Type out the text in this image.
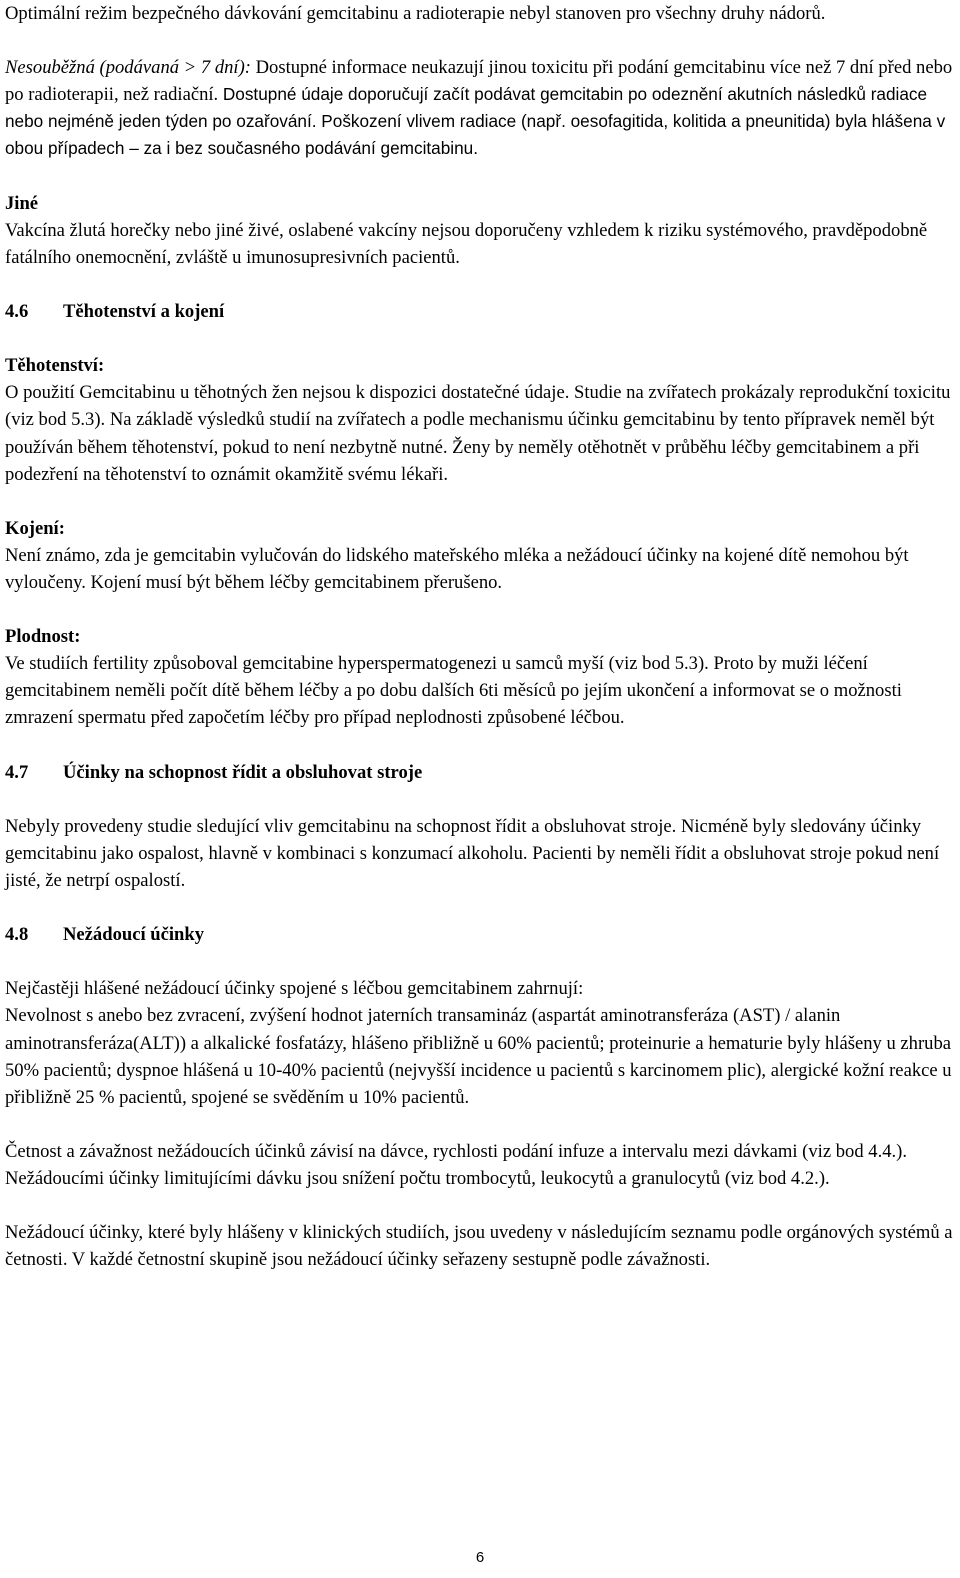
Optimální režim bezpečného dávkování gemcitabinu a radioterapie nebyl stanoven pro všechny druhy nádorů.

Nesouběžná (podávaná > 7 dní): Dostupné informace neukazují jinou toxicitu při podání gemcitabinu více než 7 dní před nebo po radioterapii, než radiační. Dostupné údaje doporučují začít podávat gemcitabin po odeznění akutních následků radiace nebo nejméně jeden týden po ozařování. Poškození vlivem radiace (např. oesofagitida, kolitida a pneunitida) byla hlášena v obou případech – za i bez současného podávání gemcitabinu.

Jiné

Vakcína žlutá horečky nebo jiné živé, oslabené vakcíny nejsou doporučeny vzhledem k riziku systémového, pravděpodobně fatálního onemocnění, zvláště u imunosupresivních pacientů.

4.6 Těhotenství a kojení

Těhotenství:

O použití Gemcitabinu u těhotných žen nejsou k dispozici dostatečné údaje. Studie na zvířatech prokázaly reprodukční toxicitu (viz bod 5.3). Na základě výsledků studií na zvířatech a podle mechanismu účinku gemcitabinu by tento přípravek neměl být používán během těhotenství, pokud to není nezbytně nutné. Ženy by neměly otěhotnět v průběhu léčby gemcitabinem a při podezření na těhotenství to oznámit okamžitě svému lékaři.

Kojení:

Není známo, zda je gemcitabin vylučován do lidského mateřského mléka a nežádoucí účinky na kojené dítě nemohou být vyloučeny. Kojení musí být během léčby gemcitabinem přerušeno.

Plodnost:

Ve studiích fertility způsoboval gemcitabine hyperspermatogenezi u samců myší (viz bod 5.3). Proto by muži léčení gemcitabinem neměli počít dítě během léčby a po dobu dalších 6ti měsíců po jejím ukončení a informovat se o možnosti zmrazení spermatu před započetím léčby pro případ neplodnosti způsobené léčbou.

4.7 Účinky na schopnost řídit a obsluhovat stroje

Nebyly provedeny studie sledující vliv gemcitabinu na schopnost řídit a obsluhovat stroje. Nicméně byly sledovány účinky gemcitabinu jako ospalost, hlavně v kombinaci s konzumací alkoholu. Pacienti by neměli řídit a obsluhovat stroje pokud není jisté, že netrpí ospalostí.

4.8 Nežádoucí účinky

Nejčastěji hlášené nežádoucí účinky spojené s léčbou gemcitabinem zahrnují:

Nevolnost s anebo bez zvracení, zvýšení hodnot jaterních transamináz (aspartát aminotransferáza (AST) / alanin aminotransferáza(ALT)) a alkalické fosfatázy, hlášeno přibližně u 60% pacientů; proteinurie a hematurie byly hlášeny u zhruba 50% pacientů; dyspnoe hlášená u 10-40% pacientů (nejvyšší incidence u pacientů s karcinomem plic), alergické kožní reakce u přibližně 25 % pacientů, spojené se svěděním u 10% pacientů.

Četnost a závažnost nežádoucích účinků závisí na dávce, rychlosti podání infuze a intervalu mezi dávkami (viz bod 4.4.). Nežádoucími účinky limitujícími dávku jsou snížení počtu trombocytů, leukocytů a granulocytů (viz bod 4.2.).

Nežádoucí účinky, které byly hlášeny v klinických studiích, jsou uvedeny v následujícím seznamu podle orgánových systémů a četnosti. V každé četnostní skupině jsou nežádoucí účinky seřazeny sestupně podle závažnosti.

6
